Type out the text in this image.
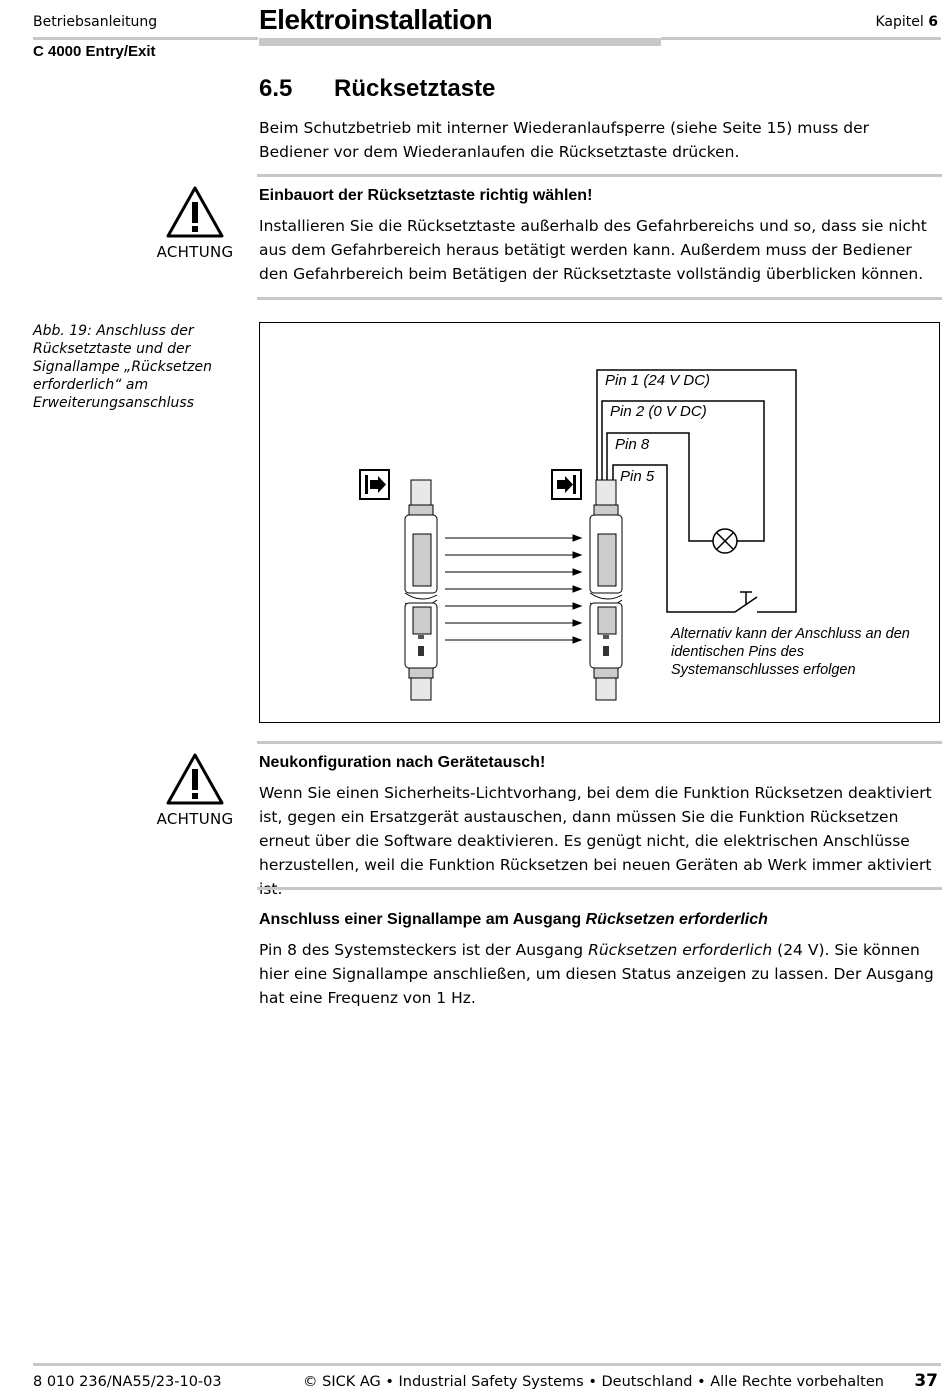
Betriebsanleitung
C 4000 Entry/Exit
Elektroinstallation	Kapitel 6
6.5 Rücksetztaste
Beim Schutzbetrieb mit interner Wiederanlaufsperre (siehe Seite 15) muss der Bediener vor dem Wiederanlaufen die Rücksetztaste drücken.
ACHTUNG
Einbauort der Rücksetztaste richtig wählen!
Installieren Sie die Rücksetztaste außerhalb des Gefahrbereichs und so, dass sie nicht aus dem Gefahrbereich heraus betätigt werden kann. Außerdem muss der Bediener den Gefahrbereich beim Betätigen der Rücksetztaste vollständig überblicken können.
Abb. 19: Anschluss der Rücksetztaste und der Signallampe „Rücksetzen erforderlich“ am Erweiterungsanschluss
Pin 1 (24 V DC)
Pin 2 (0 V DC)
Pin 8
Pin 5
Alternativ kann der Anschluss an den identischen Pins des Systemanschlusses erfolgen
ACHTUNG
Neukonfiguration nach Gerätetausch!
Wenn Sie einen Sicherheits-Lichtvorhang, bei dem die Funktion Rücksetzen deaktiviert ist, gegen ein Ersatzgerät austauschen, dann müssen Sie die Funktion Rücksetzen erneut über die Software deaktivieren. Es genügt nicht, die elektrischen Anschlüsse herzustellen, weil die Funktion Rücksetzen bei neuen Geräten ab Werk immer aktiviert
Anschluss einer Signallampe am Ausgang Rücksetzen erforderlich
Pin 8 des Systemsteckers ist der Ausgang Rücksetzen erforderlich (24 V). Sie können hier eine Signallampe anschließen, um diesen Status anzeigen zu lassen. Der Ausgang hat eine Frequenz von 1 Hz.
8 010 236/NA55/23-10-03	© SICK AG • Industrial Safety Systems • Deutschland • Alle Rechte vorbehalten 37
